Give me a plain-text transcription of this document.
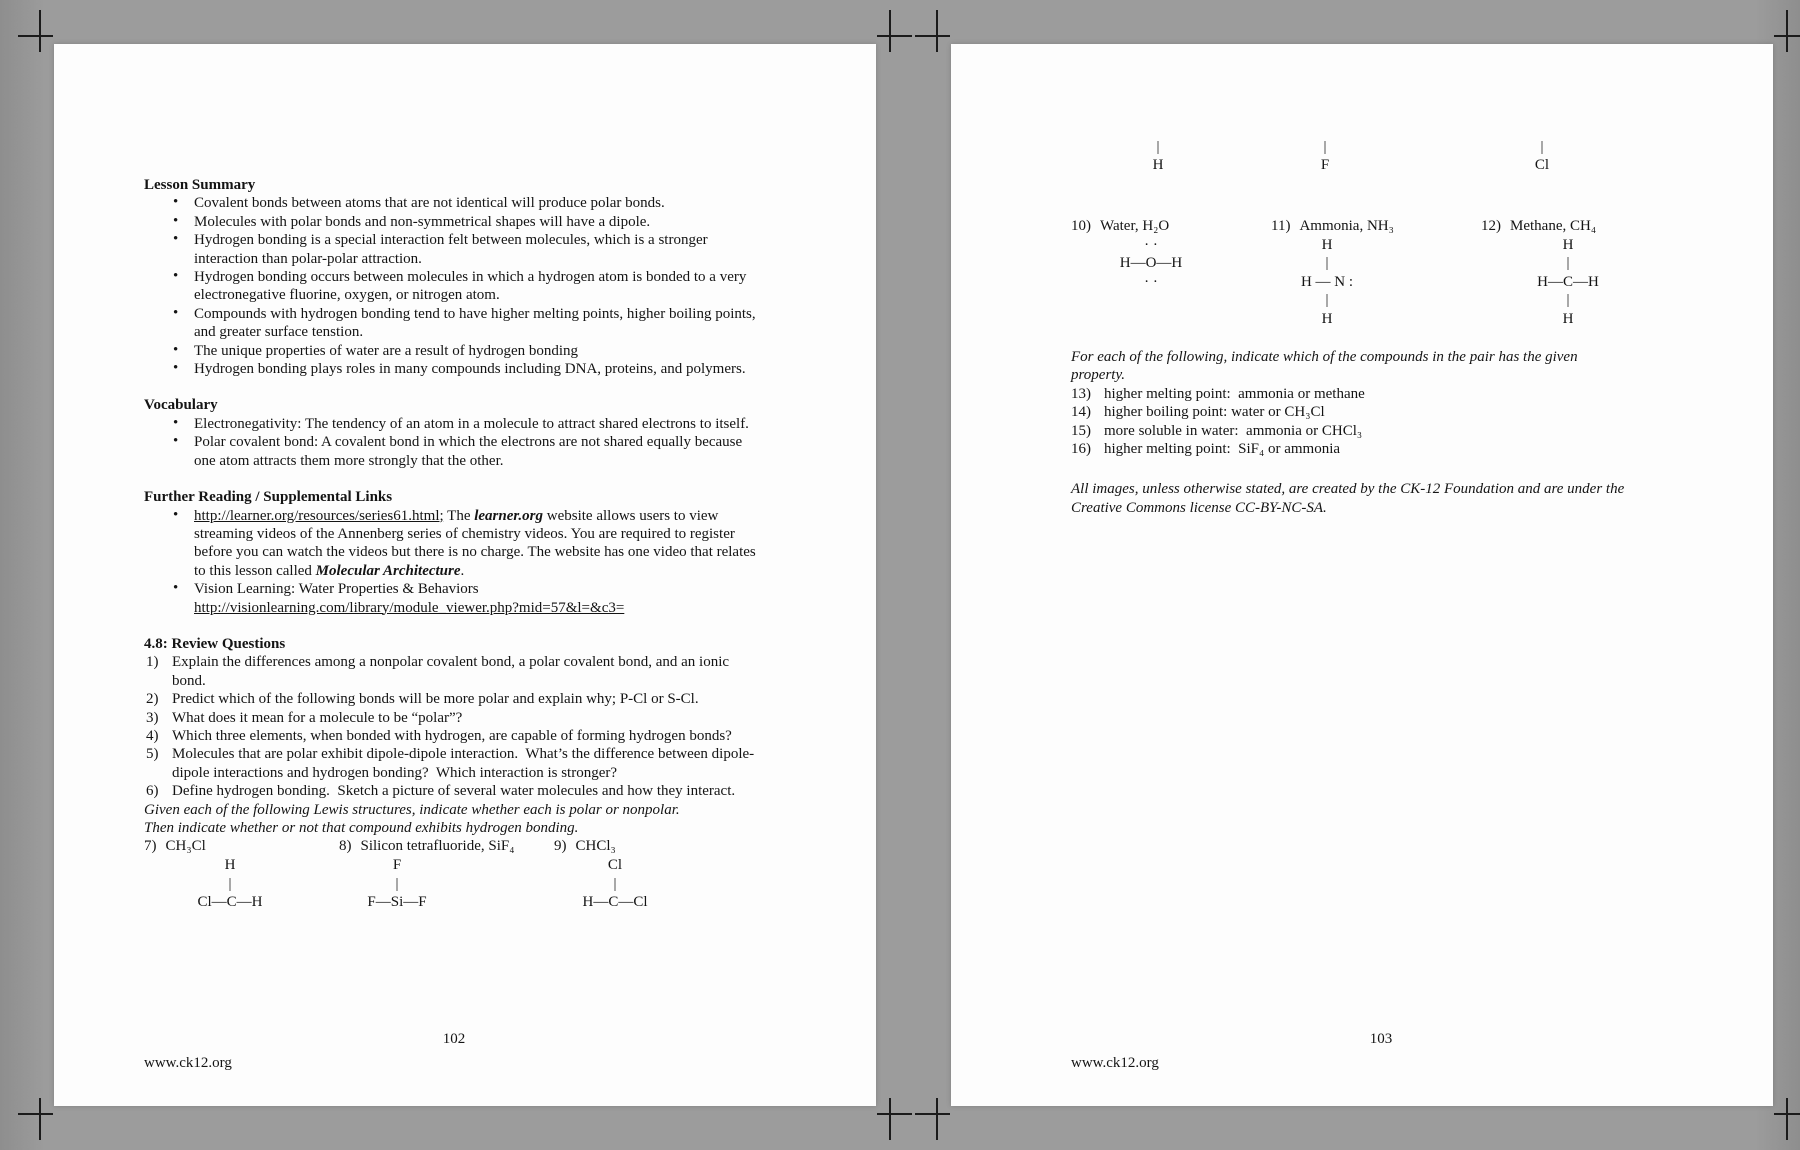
Lesson Summary
• Covalent bonds between atoms that are not identical will produce polar bonds.
• Molecules with polar bonds and non-symmetrical shapes will have a dipole.
• Hydrogen bonding is a special interaction felt between molecules, which is a stronger interaction than polar-polar attraction.
• Hydrogen bonding occurs between molecules in which a hydrogen atom is bonded to a very electronegative fluorine, oxygen, or nitrogen atom.
• Compounds with hydrogen bonding tend to have higher melting points, higher boiling points, and greater surface tenstion.
• The unique properties of water are a result of hydrogen bonding
• Hydrogen bonding plays roles in many compounds including DNA, proteins, and polymers.
Vocabulary
• Electronegativity: The tendency of an atom in a molecule to attract shared electrons to itself.
• Polar covalent bond: A covalent bond in which the electrons are not shared equally because one atom attracts them more strongly that the other.
Further Reading / Supplemental Links
• http://learner.org/resources/series61.html; The learner.org website allows users to view streaming videos of the Annenberg series of chemistry videos. You are required to register before you can watch the videos but there is no charge. The website has one video that relates to this lesson called Molecular Architecture.
• Vision Learning: Water Properties & Behaviors
http://visionlearning.com/library/module_viewer.php?mid=57&l=&c3=
4.8: Review Questions
1) Explain the differences among a nonpolar covalent bond, a polar covalent bond, and an ionic bond.
2) Predict which of the following bonds will be more polar and explain why; P-Cl or S-Cl.
3) What does it mean for a molecule to be “polar”?
4) Which three elements, when bonded with hydrogen, are capable of forming hydrogen bonds?
5) Molecules that are polar exhibit dipole-dipole interaction.  What’s the difference between dipole-dipole interactions and hydrogen bonding?  Which interaction is stronger?
6) Define hydrogen bonding.  Sketch a picture of several water molecules and how they interact.
Given each of the following Lewis structures, indicate whether each is polar or nonpolar.
Then indicate whether or not that compound exhibits hydrogen bonding.
7) CH₃Cl	8) Silicon tetrafluoride, SiF₄	9) CHCl₃
H
|
Cl—C—H
F
|
F—Si—F
Cl
|
H—C—Cl
102
www.ck12.org
|
H
|
F
|
Cl
10) Water, H₂O	11) Ammonia, NH₃	12) Methane, CH₄
· ·
H—O—H
· ·
H
|
H — N :
|
H
H
|
H—C—H
|
H
For each of the following, indicate which of the compounds in the pair has the given
property.
13) higher melting point:  ammonia or methane
14) higher boiling point: water or CH₃Cl
15) more soluble in water:  ammonia or CHCl₃
16) higher melting point:  SiF₄ or ammonia
All images, unless otherwise stated, are created by the CK-12 Foundation and are under the
Creative Commons license CC-BY-NC-SA.
103
www.ck12.org
